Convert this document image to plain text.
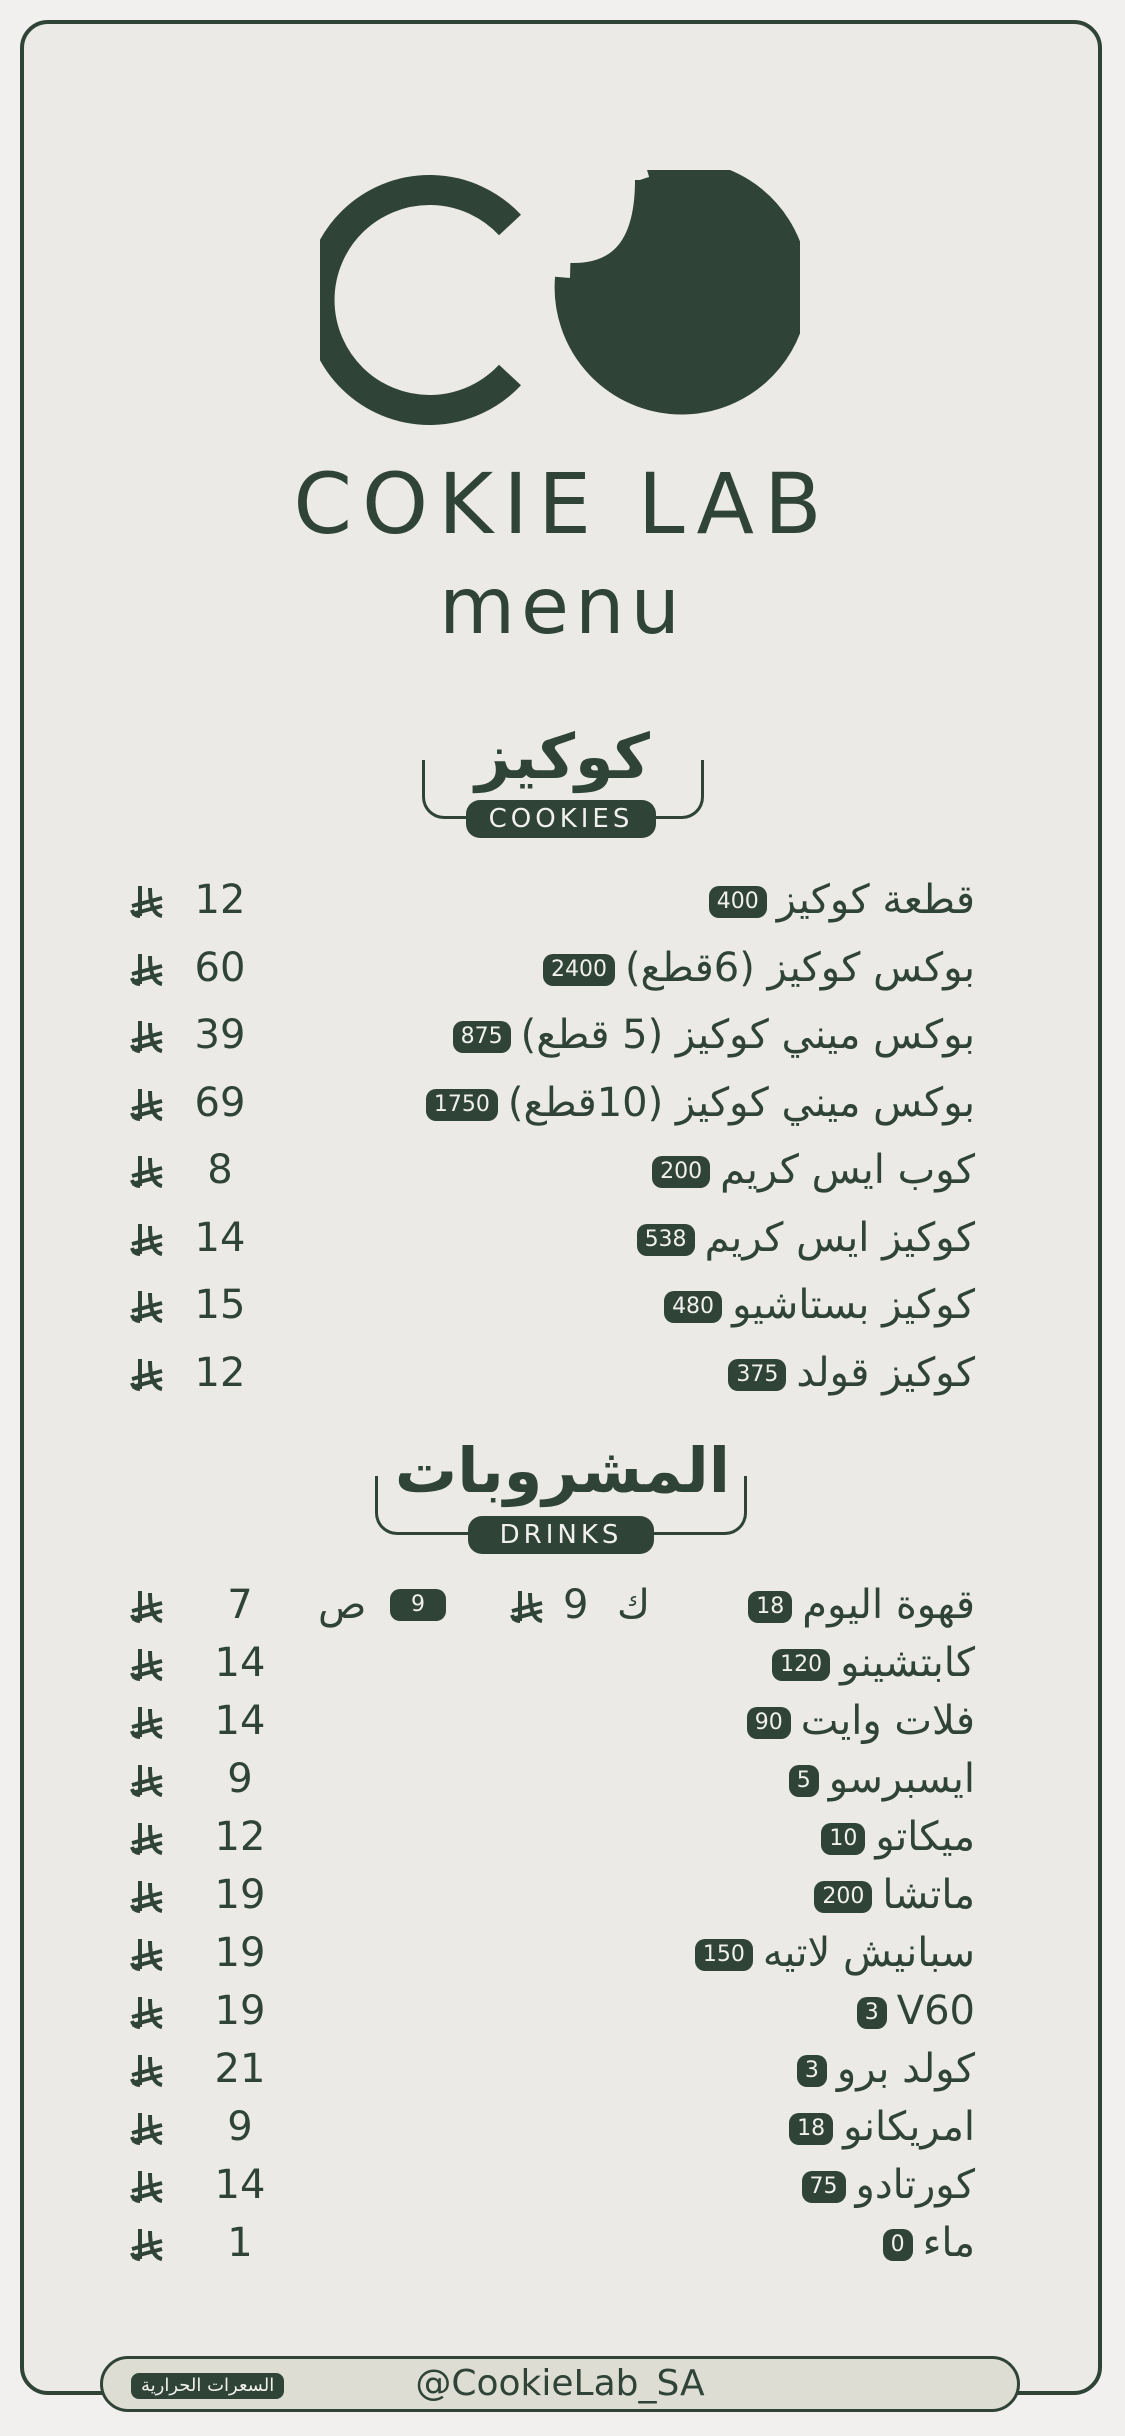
COKIE LAB
menu
كوكيز
COOKIES
قطعة كوكيز400
12
بوكس كوكيز (6قطع)2400
60
بوكس ميني كوكيز (5 قطع)875
39
بوكس ميني كوكيز (10قطع)1750
69
كوب ايس كريم200
8
كوكيز ايس كريم538
14
كوكيز بستاشيو480
15
كوكيز قولد375
12
المشروبات
DRINKS
قهوة اليوم18
ك
9
9
ص
7
كابتشينو120
14
فلات وايت90
14
ايسبرسو5
9
ميكاتو10
12
ماتشا200
19
سبانيش لاتيه150
19
V603
19
كولد برو3
21
امريكانو18
9
كورتادو75
14
ماء0
1
@CookieLab_SA
السعرات الحرارية
